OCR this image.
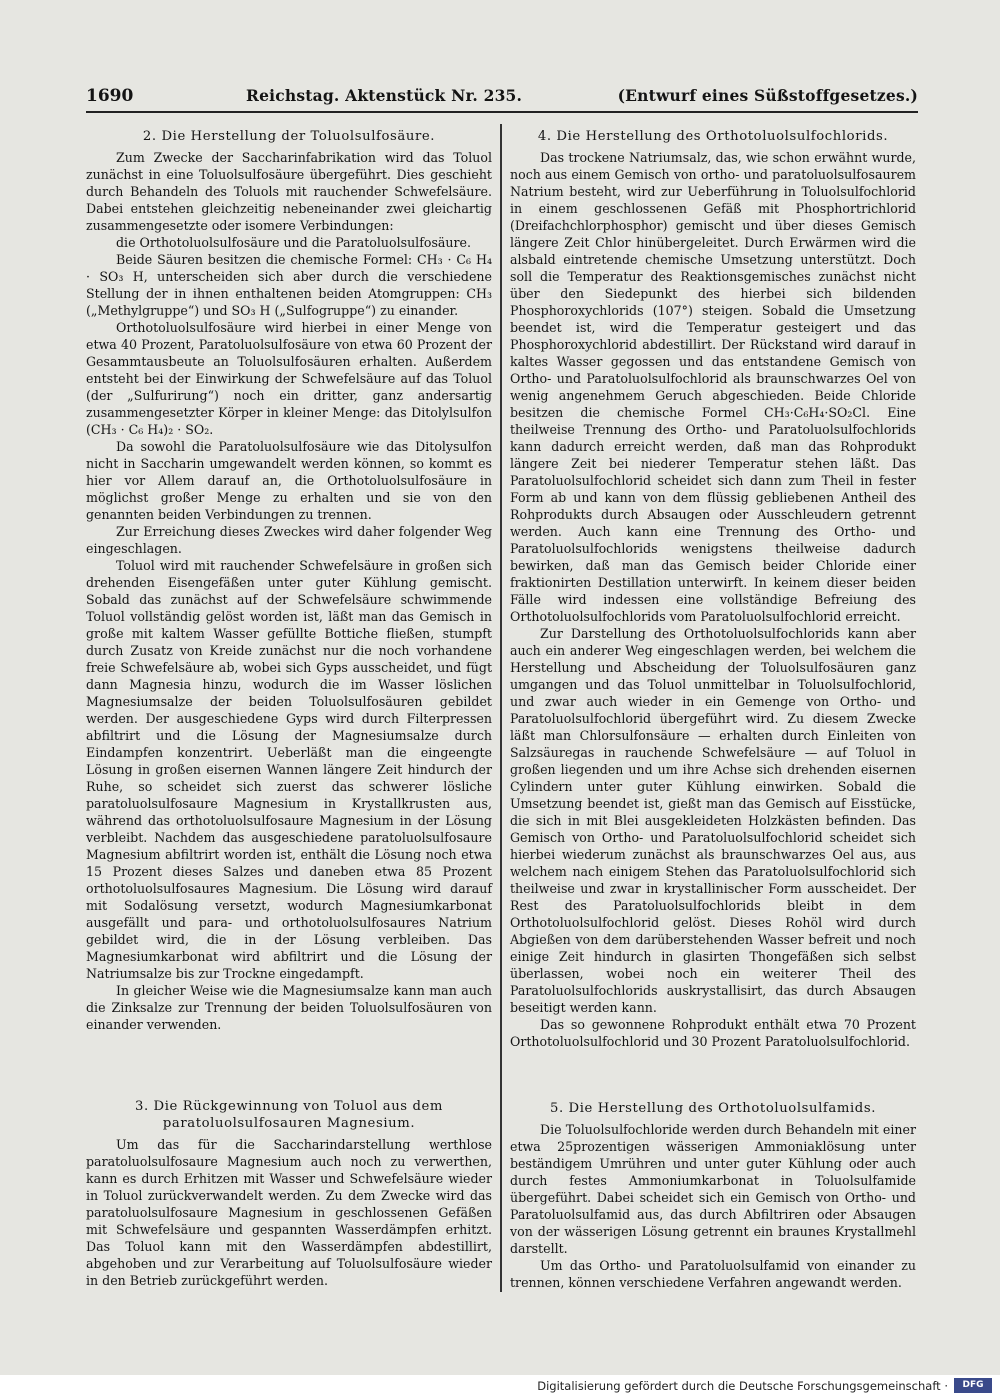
1690	Reichstag. Aktenstück Nr. 235.	(Entwurf eines Süßstoffgesetzes.)
2. Die Herstellung der Toluolsulfosäure.

Zum Zwecke der Saccharinfabrikation wird das Toluol zunächst in eine Toluolsulfosäure übergeführt. Dies geschieht durch Behandeln des Toluols mit rauchender Schwefelsäure. Dabei entstehen gleichzeitig nebeneinander zwei gleichartig zusammengesetzte oder isomere Verbindungen:

die Orthotoluolsulfosäure und die Paratoluolsulfosäure.

Beide Säuren besitzen die chemische Formel: CH₃ · C₆ H₄ · SO₃ H, unterscheiden sich aber durch die verschiedene Stellung der in ihnen enthaltenen beiden Atomgruppen: CH₃ („Methylgruppe“) und SO₃ H („Sulfogruppe“) zu einander.

Orthotoluolsulfosäure wird hierbei in einer Menge von etwa 40 Prozent, Paratoluolsulfosäure von etwa 60 Prozent der Gesammtausbeute an Toluolsulfosäuren erhalten. Außerdem entsteht bei der Einwirkung der Schwefelsäure auf das Toluol (der „Sulfurirung“) noch ein dritter, ganz andersartig zusammengesetzter Körper in kleiner Menge: das Ditolylsulfon (CH₃ · C₆ H₄)₂ · SO₂.

Da sowohl die Paratoluolsulfosäure wie das Ditolysulfon nicht in Saccharin umgewandelt werden können, so kommt es hier vor Allem darauf an, die Orthotoluolsulfosäure in möglichst großer Menge zu erhalten und sie von den genannten beiden Verbindungen zu trennen.

Zur Erreichung dieses Zweckes wird daher folgender Weg eingeschlagen.

Toluol wird mit rauchender Schwefelsäure in großen sich drehenden Eisengefäßen unter guter Kühlung gemischt. Sobald das zunächst auf der Schwefelsäure schwimmende Toluol vollständig gelöst worden ist, läßt man das Gemisch in große mit kaltem Wasser gefüllte Bottiche fließen, stumpft durch Zusatz von Kreide zunächst nur die noch vorhandene freie Schwefelsäure ab, wobei sich Gyps ausscheidet, und fügt dann Magnesia hinzu, wodurch die im Wasser löslichen Magnesiumsalze der beiden Toluolsulfosäuren gebildet werden. Der ausgeschiedene Gyps wird durch Filterpressen abfiltrirt und die Lösung der Magnesiumsalze durch Eindampfen konzentrirt. Ueberläßt man die eingeengte Lösung in großen eisernen Wannen längere Zeit hindurch der Ruhe, so scheidet sich zuerst das schwerer lösliche paratoluolsulfosaure Magnesium in Krystallkrusten aus, während das orthotoluolsulfosaure Magnesium in der Lösung verbleibt. Nachdem das ausgeschiedene paratoluolsulfosaure Magnesium abfiltrirt worden ist, enthält die Lösung noch etwa 15 Prozent dieses Salzes und daneben etwa 85 Prozent orthotoluolsulfosaures Magnesium. Die Lösung wird darauf mit Sodalösung versetzt, wodurch Magnesiumkarbonat ausgefällt und para- und orthotoluolsulfosaures Natrium gebildet wird, die in der Lösung verbleiben. Das Magnesiumkarbonat wird abfiltrirt und die Lösung der Natriumsalze bis zur Trockne eingedampft.

In gleicher Weise wie die Magnesiumsalze kann man auch die Zinksalze zur Trennung der beiden Toluolsulfosäuren von einander verwenden.

3. Die Rückgewinnung von Toluol aus dem paratoluolsulfosauren Magnesium.

Um das für die Saccharindarstellung werthlose paratoluolsulfosaure Magnesium auch noch zu verwerthen, kann es durch Erhitzen mit Wasser und Schwefelsäure wieder in Toluol zurückverwandelt werden. Zu dem Zwecke wird das paratoluolsulfosaure Magnesium in geschlossenen Gefäßen mit Schwefelsäure und gespannten Wasserdämpfen erhitzt. Das Toluol kann mit den Wasserdämpfen abdestillirt, abgehoben und zur Verarbeitung auf Toluolsulfosäure wieder in den Betrieb zurückgeführt werden.

4. Die Herstellung des Orthotoluolsulfochlorids.

Das trockene Natriumsalz, das, wie schon erwähnt wurde, noch aus einem Gemisch von ortho- und paratoluolsulfosaurem Natrium besteht, wird zur Ueberführung in Toluolsulfochlorid in einem geschlossenen Gefäß mit Phosphortrichlorid (Dreifachchlorphosphor) gemischt und über dieses Gemisch längere Zeit Chlor hinübergeleitet. Durch Erwärmen wird die alsbald eintretende chemische Umsetzung unterstützt. Doch soll die Temperatur des Reaktionsgemisches zunächst nicht über den Siedepunkt des hierbei sich bildenden Phosphoroxychlorids (107°) steigen. Sobald die Umsetzung beendet ist, wird die Temperatur gesteigert und das Phosphoroxychlorid abdestillirt. Der Rückstand wird darauf in kaltes Wasser gegossen und das entstandene Gemisch von Ortho- und Paratoluolsulfochlorid als braunschwarzes Oel von wenig angenehmem Geruch abgeschieden. Beide Chloride besitzen die chemische Formel CH₃·C₆H₄·SO₂Cl. Eine theilweise Trennung des Ortho- und Paratoluolsulfochlorids kann dadurch erreicht werden, daß man das Rohprodukt längere Zeit bei niederer Temperatur stehen läßt. Das Paratoluolsulfochlorid scheidet sich dann zum Theil in fester Form ab und kann von dem flüssig gebliebenen Antheil des Rohprodukts durch Absaugen oder Ausschleudern getrennt werden. Auch kann eine Trennung des Ortho- und Paratoluolsulfochlorids wenigstens theilweise dadurch bewirken, daß man das Gemisch beider Chloride einer fraktionirten Destillation unterwirft. In keinem dieser beiden Fälle wird indessen eine vollständige Befreiung des Orthotoluolsulfochlorids vom Paratoluolsulfochlorid erreicht.

Zur Darstellung des Orthotoluolsulfochlorids kann aber auch ein anderer Weg eingeschlagen werden, bei welchem die Herstellung und Abscheidung der Toluolsulfosäuren ganz umgangen und das Toluol unmittelbar in Toluolsulfochlorid, und zwar auch wieder in ein Gemenge von Ortho- und Paratoluolsulfochlorid übergeführt wird. Zu diesem Zwecke läßt man Chlorsulfonsäure — erhalten durch Einleiten von Salzsäuregas in rauchende Schwefelsäure — auf Toluol in großen liegenden und um ihre Achse sich drehenden eisernen Cylindern unter guter Kühlung einwirken. Sobald die Umsetzung beendet ist, gießt man das Gemisch auf Eisstücke, die sich in mit Blei ausgekleideten Holzkästen befinden. Das Gemisch von Ortho- und Paratoluolsulfochlorid scheidet sich hierbei wiederum zunächst als braunschwarzes Oel aus, aus welchem nach einigem Stehen das Paratoluolsulfochlorid sich theilweise und zwar in krystallinischer Form ausscheidet. Der Rest des Paratoluolsulfochlorids bleibt in dem Orthotoluolsulfochlorid gelöst. Dieses Rohöl wird durch Abgießen von dem darüberstehenden Wasser befreit und noch einige Zeit hindurch in glasirten Thongefäßen sich selbst überlassen, wobei noch ein weiterer Theil des Paratoluolsulfochlorids auskrystallisirt, das durch Absaugen beseitigt werden kann.

Das so gewonnene Rohprodukt enthält etwa 70 Prozent Orthotoluolsulfochlorid und 30 Prozent Paratoluolsulfochlorid.

5. Die Herstellung des Orthotoluolsulfamids.

Die Toluolsulfochloride werden durch Behandeln mit einer etwa 25prozentigen wässerigen Ammoniaklösung unter beständigem Umrühren und unter guter Kühlung oder auch durch festes Ammoniumkarbonat in Toluolsulfamide übergeführt. Dabei scheidet sich ein Gemisch von Ortho- und Paratoluolsulfamid aus, das durch Abfiltriren oder Absaugen von der wässerigen Lösung getrennt ein braunes Krystallmehl darstellt.

Um das Ortho- und Paratoluolsulfamid von einander zu trennen, können verschiedene Verfahren angewandt werden.

Digitalisierung gefördert durch die Deutsche Forschungsgemeinschaft ·	DFG
